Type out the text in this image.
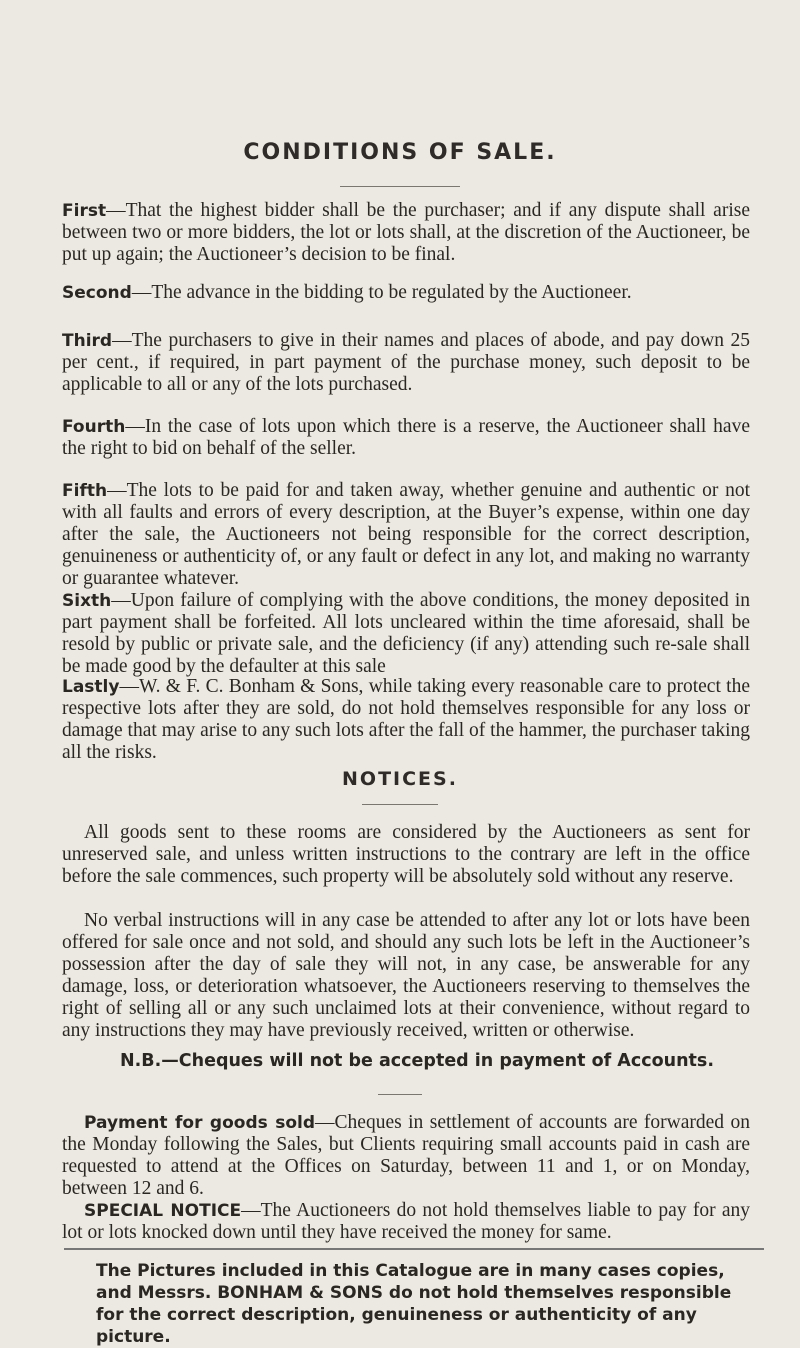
CONDITIONS OF SALE.

First—That the highest bidder shall be the purchaser; and if any dispute shall arise between two or more bidders, the lot or lots shall, at the discretion of the Auctioneer, be put up again; the Auctioneer’s decision to be final.

Second—The advance in the bidding to be regulated by the Auctioneer.

Third—The purchasers to give in their names and places of abode, and pay down 25 per cent., if required, in part payment of the purchase money, such deposit to be applicable to all or any of the lots purchased.

Fourth—In the case of lots upon which there is a reserve, the Auctioneer shall have the right to bid on behalf of the seller.

Fifth—The lots to be paid for and taken away, whether genuine and authentic or not with all faults and errors of every description, at the Buyer’s expense, within one day after the sale, the Auctioneers not being responsible for the correct description, genuineness or authenticity of, or any fault or defect in any lot, and making no warranty or guarantee whatever.

Sixth—Upon failure of complying with the above conditions, the money deposited in part payment shall be forfeited. All lots uncleared within the time aforesaid, shall be resold by public or private sale, and the deficiency (if any) attending such re-sale shall be made good by the defaulter at this sale

Lastly—W. & F. C. Bonham & Sons, while taking every reasonable care to protect the respective lots after they are sold, do not hold themselves responsible for any loss or damage that may arise to any such lots after the fall of the hammer, the purchaser taking all the risks.

NOTICES.

All goods sent to these rooms are considered by the Auctioneers as sent for unreserved sale, and unless written instructions to the contrary are left in the office before the sale commences, such property will be absolutely sold without any reserve.

No verbal instructions will in any case be attended to after any lot or lots have been offered for sale once and not sold, and should any such lots be left in the Auctioneer’s possession after the day of sale they will not, in any case, be answerable for any damage, loss, or deterioration whatsoever, the Auctioneers reserving to themselves the right of selling all or any such unclaimed lots at their convenience, without regard to any instructions they may have previously received, written or otherwise.

N.B.—Cheques will not be accepted in payment of Accounts.

Payment for goods sold—Cheques in settlement of accounts are forwarded on the Monday following the Sales, but Clients requiring small accounts paid in cash are requested to attend at the Offices on Saturday, between 11 and 1, or on Monday, between 12 and 6.

SPECIAL NOTICE—The Auctioneers do not hold themselves liable to pay for any lot or lots knocked down until they have received the money for same.

The Pictures included in this Catalogue are in many cases copies, and Messrs. BONHAM & SONS do not hold themselves responsible for the correct description, genuineness or authenticity of any picture.
